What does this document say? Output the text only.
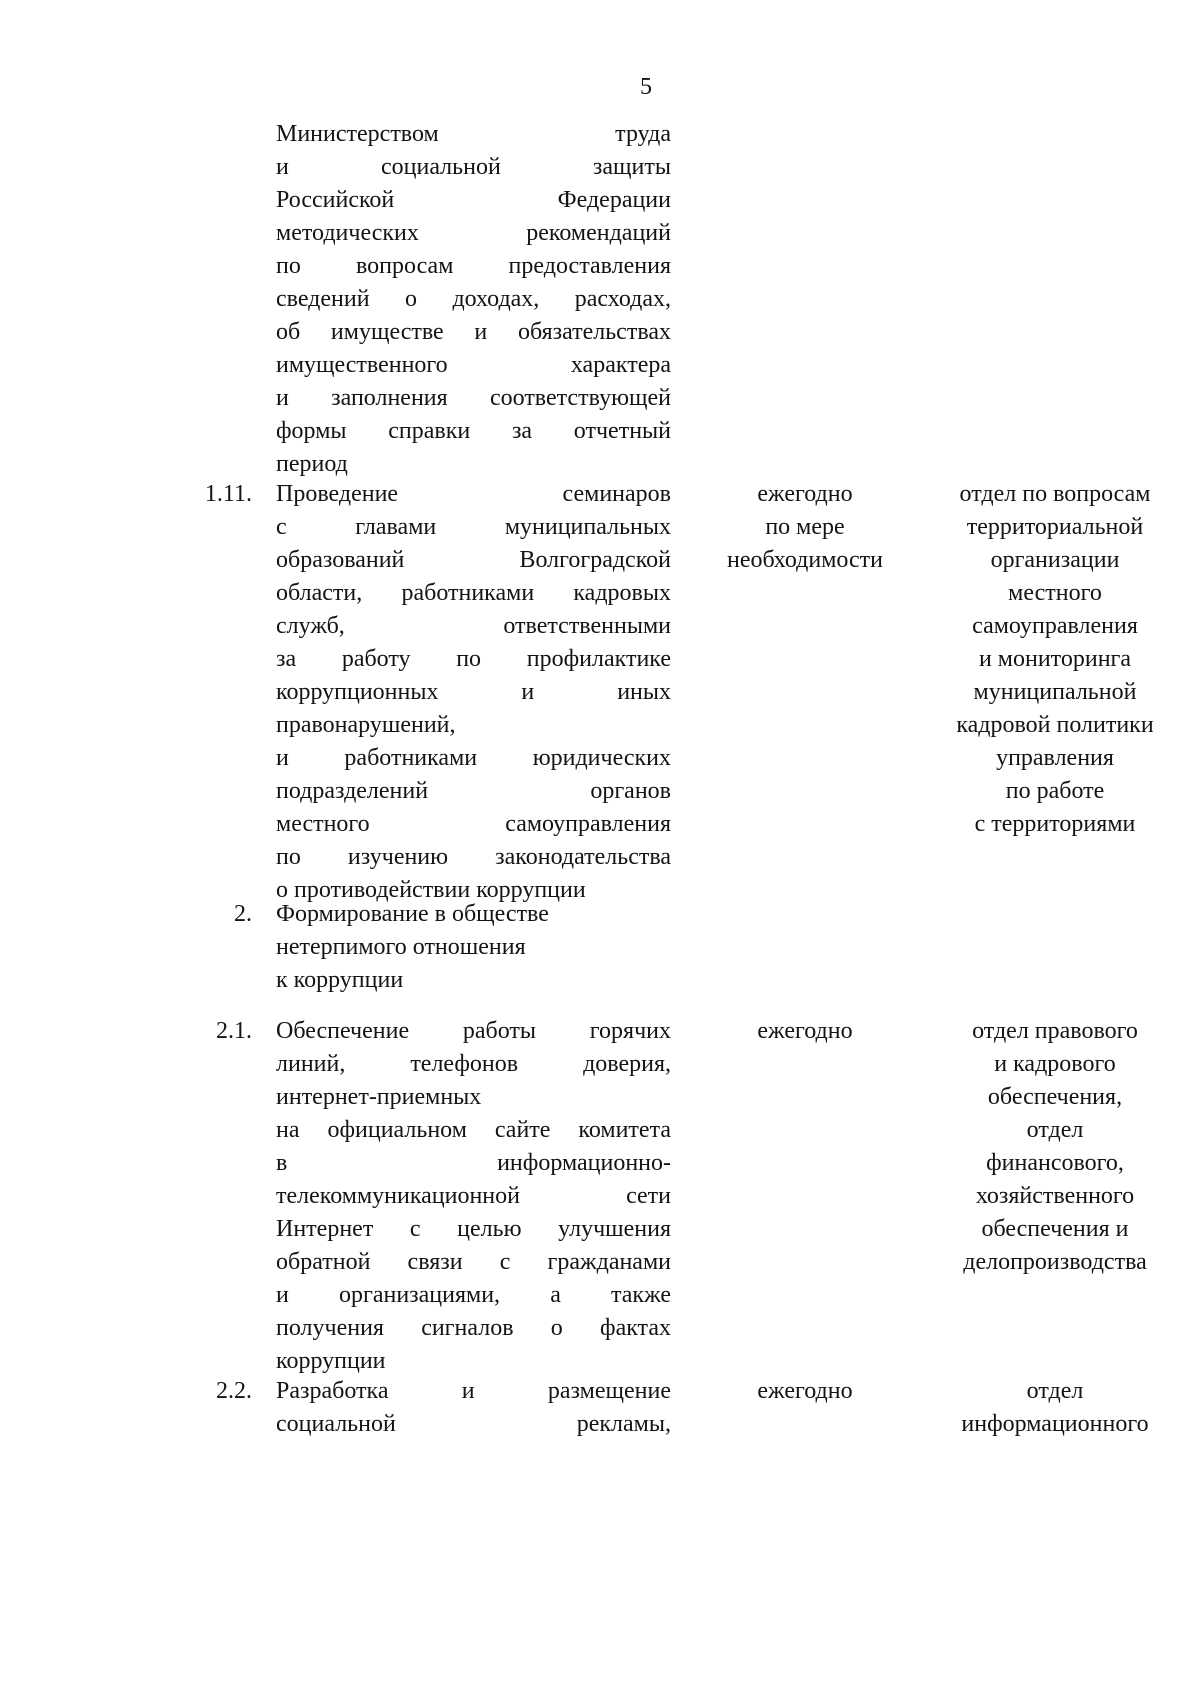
5
Министерством труда
и социальной защиты
Российской Федерации
методических рекомендаций
по вопросам предоставления
сведений о доходах, расходах,
об имуществе и обязательствах
имущественного характера
и заполнения соответствующей
формы справки за отчетный
период
1.11. Проведение семинаров
с главами муниципальных
образований Волгоградской
области, работниками кадровых
служб, ответственными
за работу по профилактике
коррупционных и иных
правонарушений,
и работниками юридических
подразделений органов
местного самоуправления
по изучению законодательства
о противодействии коррупции
ежегодно
по мере
необходимости
отдел по вопросам
территориальной
организации
местного
самоуправления
и мониторинга
муниципальной
кадровой политики
управления
по работе
с территориями
2. Формирование в обществе
нетерпимого отношения
к коррупции
2.1. Обеспечение работы горячих
линий, телефонов доверия,
интернет-приемных
на официальном сайте комитета
в информационно-
телекоммуникационной сети
Интернет с целью улучшения
обратной связи с гражданами
и организациями, а также
получения сигналов о фактах
коррупции
ежегодно	отдел правового
и кадрового
обеспечения,
отдел
финансового,
хозяйственного
обеспечения и
делопроизводства
2.2. Разработка и размещение
социальной рекламы,
ежегодно	отдел
информационного
